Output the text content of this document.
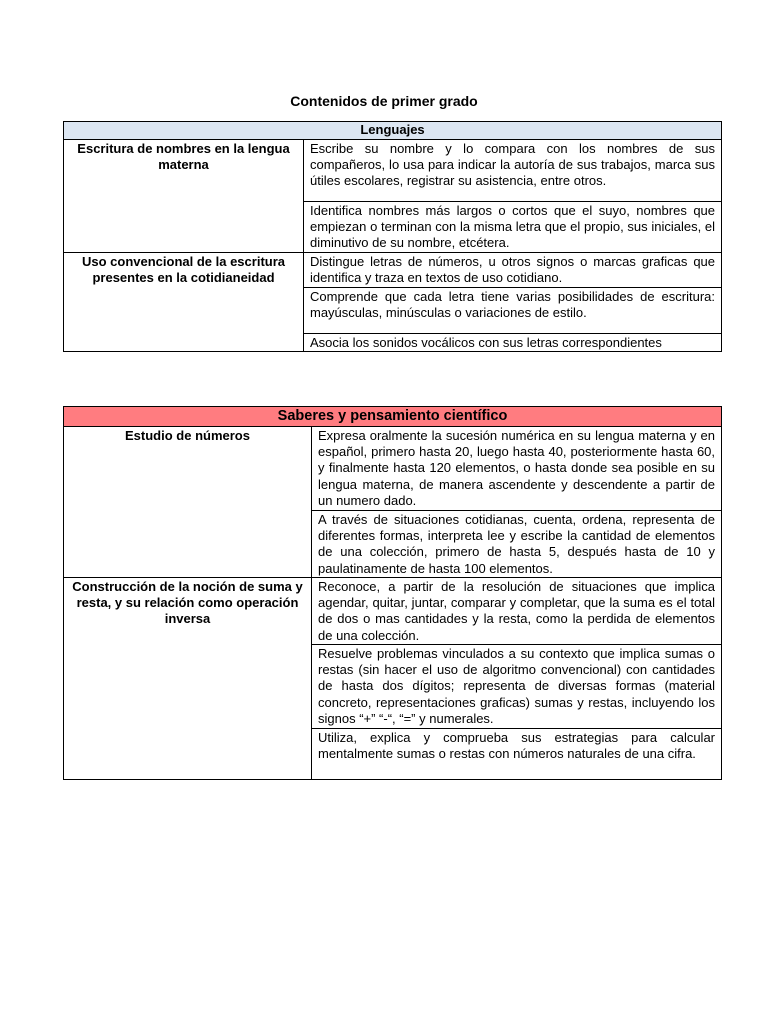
Contenidos de primer grado
Lenguajes	
Escritura de nombres en la lengua materna	Escribe su nombre y lo compara con los nombres de sus compañeros, lo usa para indicar la autoría de sus trabajos, marca sus útiles escolares, registrar su asistencia, entre otros.
	Identifica nombres más largos o cortos que el suyo, nombres que empiezan o terminan con la misma letra que el propio, sus iniciales, el diminutivo de su nombre, etcétera.
Uso convencional de la escritura presentes en la cotidianeidad	Distingue letras de números, u otros signos o marcas graficas que identifica y traza en textos de uso cotidiano.
	Comprende que cada letra tiene varias posibilidades de escritura: mayúsculas, minúsculas o variaciones de estilo.
	Asocia los sonidos vocálicos con sus letras correspondientes
Saberes y pensamiento científico	
Estudio de números	Expresa oralmente la sucesión numérica en su lengua materna y en español, primero hasta 20, luego hasta 40, posteriormente hasta 60, y finalmente hasta 120 elementos, o hasta donde sea posible en su lengua materna, de manera ascendente y descendente a partir de un numero dado.
	A través de situaciones cotidianas, cuenta, ordena, representa de diferentes formas, interpreta lee y escribe la cantidad de elementos de una colección, primero de hasta 5, después hasta de 10 y paulatinamente de hasta 100 elementos.
Construcción de la noción de suma y resta, y su relación como operación inversa	Reconoce, a partir de la resolución de situaciones que implica agendar, quitar, juntar, comparar y completar, que la suma es el total de dos o mas cantidades y la resta, como la perdida de elementos de una colección.
	Resuelve problemas vinculados a su contexto que implica sumas o restas (sin hacer el uso de algoritmo convencional) con cantidades de hasta dos dígitos; representa de diversas formas (material concreto, representaciones graficas) sumas y restas, incluyendo los signos “+” “-“, “=” y numerales.
	Utiliza, explica y comprueba sus estrategias para calcular mentalmente sumas o restas con números naturales de una cifra.
